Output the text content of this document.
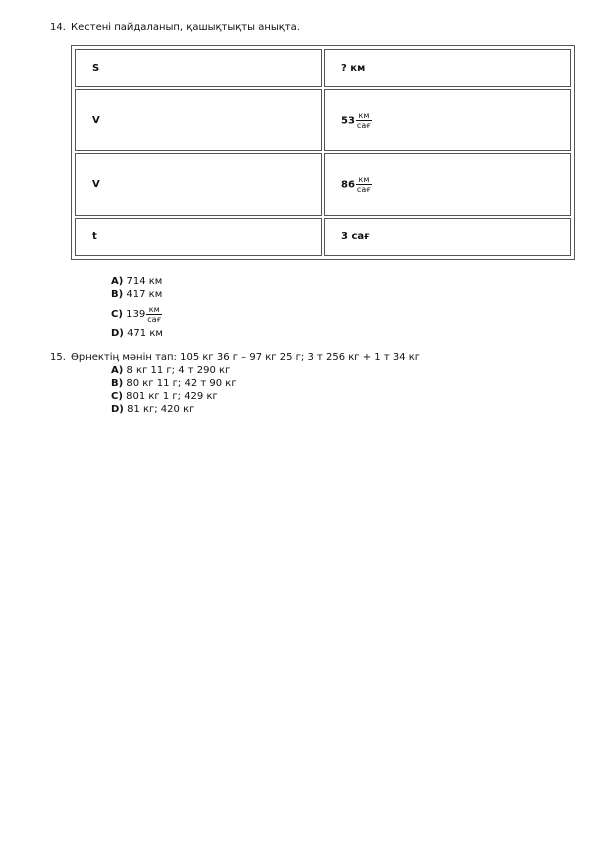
14. Кестені пайдаланып, қашықтықты анықта.
S	? км
V	$53 \frac{км}{\text{сағ}}$

V	$86 \frac{км}{\text{сағ}}$

t	3 сағ
A) 714 км
B) 417 км
C)
$139 \frac{км}{\text{сағ}}$
D) 471 км
15. Өрнектің мәнін тап: 105 кг 36 г – 97 кг 25 г; 3 т 256 кг + 1 т 34 кг
A) 8 кг 11 г; 4 т 290 кг
B) 80 кг 11 г; 42 т 90 кг
C) 801 кг 1 г; 429 кг
D) 81 кг; 420 кг
